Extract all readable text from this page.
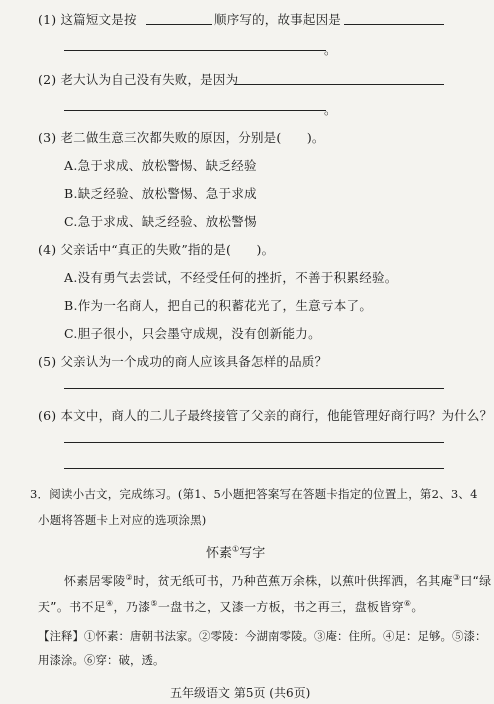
(1) 这篇短文是按	顺序写的，故事起因是
。
(2) 老大认为自己没有失败，是因为
。
(3) 老二做生意三次都失败的原因，分别是(　　)。
A.急于求成、放松警惕、缺乏经验
B.缺乏经验、放松警惕、急于求成
C.急于求成、缺乏经验、放松警惕
(4) 父亲话中“真正的失败”指的是(　　)。
A.没有勇气去尝试，不经受任何的挫折，不善于积累经验。
B.作为一名商人，把自己的积蓄花光了，生意亏本了。
C.胆子很小，只会墨守成规，没有创新能力。
(5) 父亲认为一个成功的商人应该具备怎样的品质？
(6) 本文中，商人的二儿子最终接管了父亲的商行，他能管理好商行吗？为什么？
3．阅读小古文，完成练习。(第1、5小题把答案写在答题卡指定的位置上，第2、3、4
小题将答题卡上对应的选项涂黑)
怀素①写字
怀素居零陵②时，贫无纸可书，乃种芭蕉万余株，以蕉叶供挥洒，名其庵③曰“绿
天”。书不足④，乃漆⑤一盘书之，又漆一方板，书之再三，盘板皆穿⑥。
【注释】①怀素：唐朝书法家。②零陵：今湖南零陵。③庵：住所。④足：足够。⑤漆：
用漆涂。⑥穿：破，透。
五年级语文 第5页 (共6页)
